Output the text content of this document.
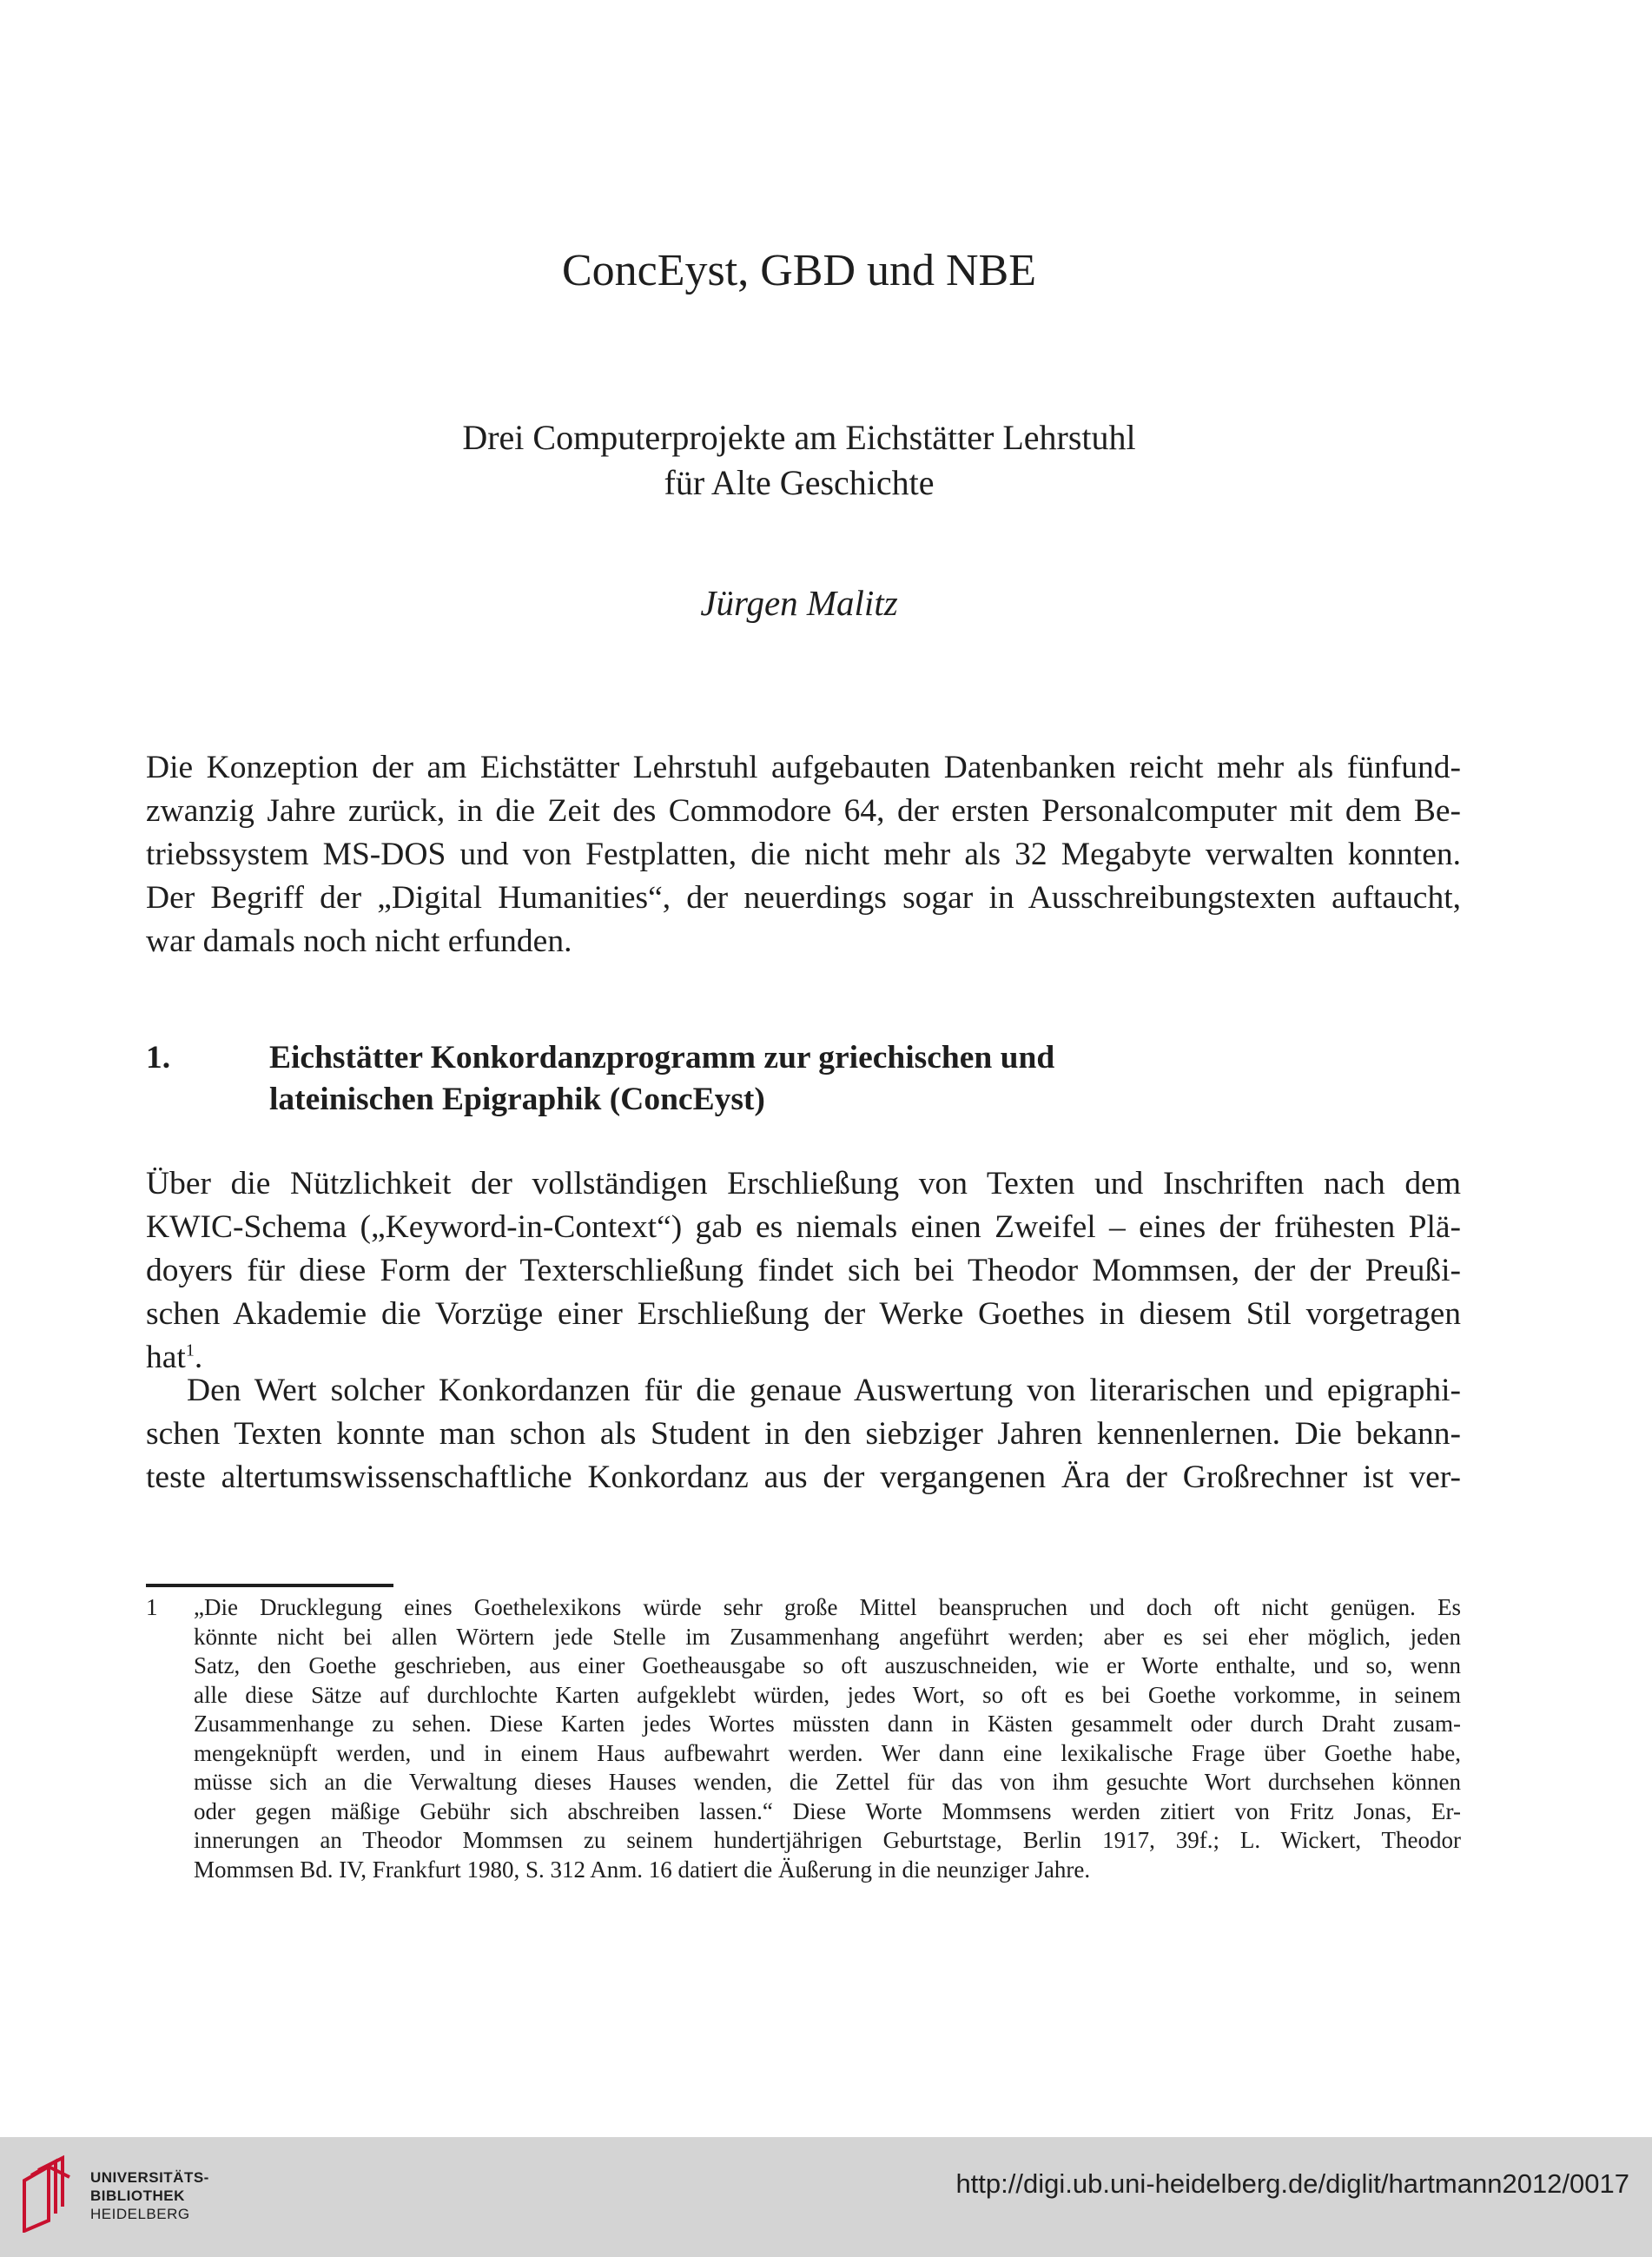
ConcEyst, GBD und NBE
Drei Computerprojekte am Eichstätter Lehrstuhl
für Alte Geschichte
Jürgen Malitz
Die Konzeption der am Eichstätter Lehrstuhl aufgebauten Datenbanken reicht mehr als fünfund-
zwanzig Jahre zurück, in die Zeit des Commodore 64, der ersten Personalcomputer mit dem Be-
triebssystem MS-DOS und von Festplatten, die nicht mehr als 32 Megabyte verwalten konnten.
Der Begriff der „Digital Humanities“, der neuerdings sogar in Ausschreibungstexten auftaucht,
war damals noch nicht erfunden.
1.	Eichstätter Konkordanzprogramm zur griechischen und
lateinischen Epigraphik (ConcEyst)
Über die Nützlichkeit der vollständigen Erschließung von Texten und Inschriften nach dem
KWIC-Schema („Keyword-in-Context“) gab es niemals einen Zweifel – eines der frühesten Plä-
doyers für diese Form der Texterschließung findet sich bei Theodor Mommsen, der der Preußi-
schen Akademie die Vorzüge einer Erschließung der Werke Goethes in diesem Stil vorgetragen
hat$^1$.
Den Wert solcher Konkordanzen für die genaue Auswertung von literarischen und epigraphi-
schen Texten konnte man schon als Student in den siebziger Jahren kennenlernen. Die bekann-
teste altertumswissenschaftliche Konkordanz aus der vergangenen Ära der Großrechner ist ver-
1 „Die Drucklegung eines Goethelexikons würde sehr große Mittel beanspruchen und doch oft nicht genügen. Es
könnte nicht bei allen Wörtern jede Stelle im Zusammenhang angeführt werden; aber es sei eher möglich, jeden
Satz, den Goethe geschrieben, aus einer Goetheausgabe so oft auszuschneiden, wie er Worte enthalte, und so, wenn
alle diese Sätze auf durchlochte Karten aufgeklebt würden, jedes Wort, so oft es bei Goethe vorkomme, in seinem
Zusammenhange zu sehen. Diese Karten jedes Wortes müssten dann in Kästen gesammelt oder durch Draht zusam-
mengeknüpft werden, und in einem Haus aufbewahrt werden. Wer dann eine lexikalische Frage über Goethe habe,
müsse sich an die Verwaltung dieses Hauses wenden, die Zettel für das von ihm gesuchte Wort durchsehen können
oder gegen mäßige Gebühr sich abschreiben lassen.“ Diese Worte Mommsens werden zitiert von Fritz Jonas, Er-
innerungen an Theodor Mommsen zu seinem hundertjährigen Geburtstage, Berlin 1917, 39f.; L. Wickert, Theodor
Mommsen Bd. IV, Frankfurt 1980, S. 312 Anm. 16 datiert die Äußerung in die neunziger Jahre.
UNIVERSITÄTS-
BIBLIOTHEK
HEIDELBERG
http://digi.ub.uni-heidelberg.de/diglit/hartmann2012/0017
